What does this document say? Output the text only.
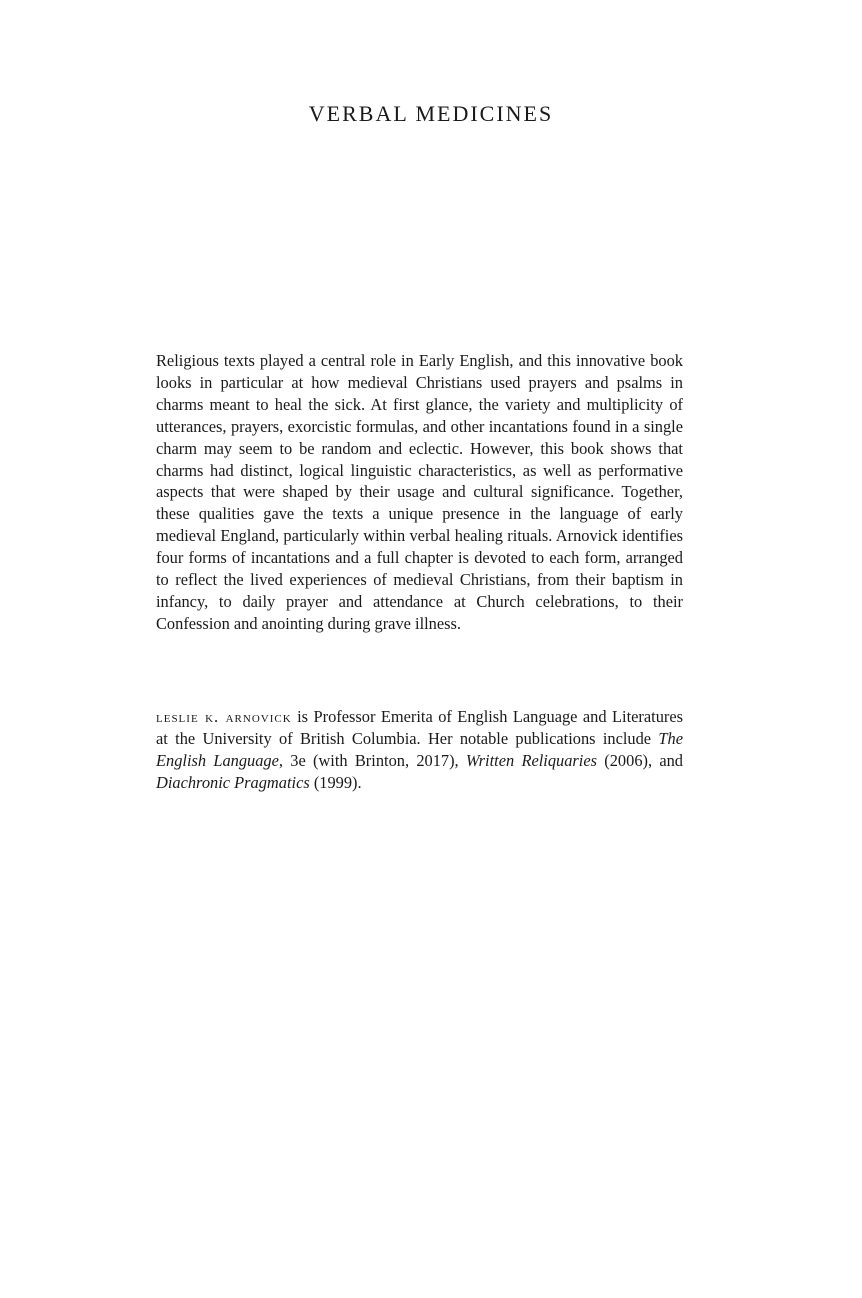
VERBAL MEDICINES

Religious texts played a central role in Early English, and this innovative book looks in particular at how medieval Christians used prayers and psalms in charms meant to heal the sick. At first glance, the variety and multiplicity of utterances, prayers, exorcistic formulas, and other incantations found in a single charm may seem to be random and eclectic. However, this book shows that charms had distinct, logical linguistic characteristics, as well as performative aspects that were shaped by their usage and cultural significance. Together, these qualities gave the texts a unique presence in the language of early medieval England, particularly within verbal healing rituals. Arnovick identifies four forms of incantations and a full chapter is devoted to each form, arranged to reflect the lived experiences of medieval Christians, from their baptism in infancy, to daily prayer and attendance at Church celebrations, to their Confession and anointing during grave illness.

leslie k. arnovick is Professor Emerita of English Language and Literatures at the University of British Columbia. Her notable publications include The English Language, 3e (with Brinton, 2017), Written Reliquaries (2006), and Diachronic Pragmatics (1999).
